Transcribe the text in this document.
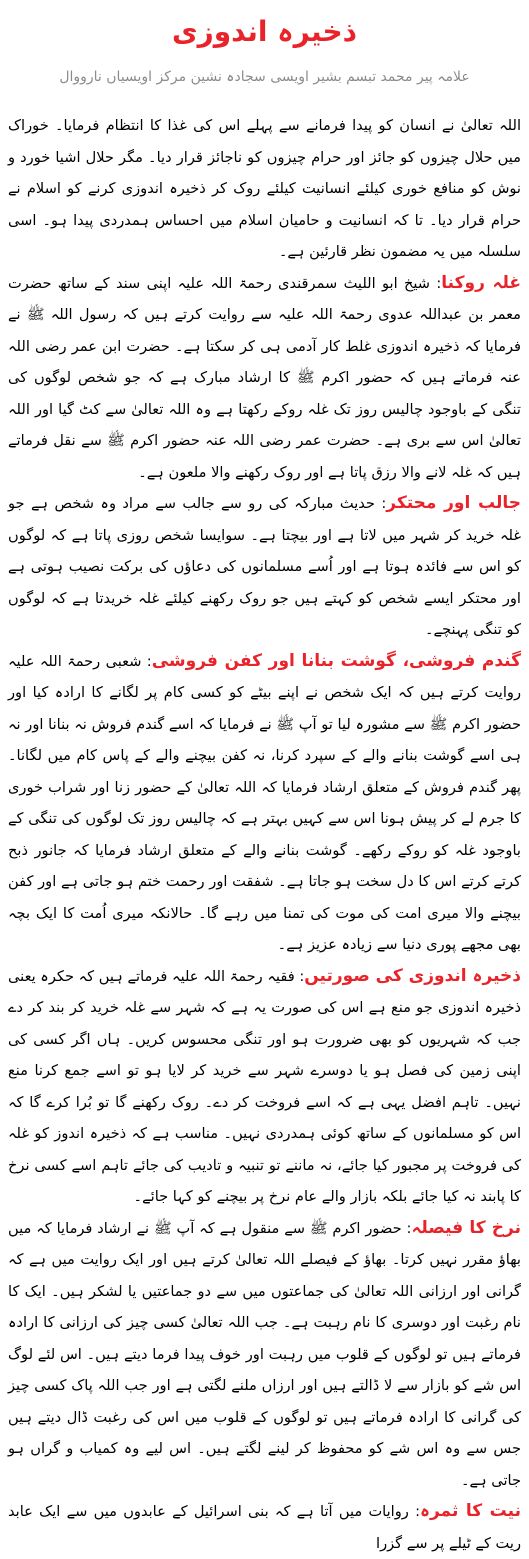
ذخیرہ اندوزی
علامہ پیر محمد تبسم بشیر اویسی سجادہ نشین مرکز اویسیاں نارووال

اللہ تعالیٰ نے انسان کو پیدا فرمانے سے پہلے اس کی غذا کا انتظام فرمایا۔ خوراک میں حلال چیزوں کو جائز اور حرام چیزوں کو ناجائز قرار دیا۔ مگر حلال اشیا خورد و نوش کو منافع خوری کیلئے انسانیت کیلئے روک کر ذخیرہ اندوزی کرنے کو اسلام نے حرام قرار دیا۔ تا کہ انسانیت و حامیان اسلام میں احساس ہمدردی پیدا ہو۔ اسی سلسلہ میں یہ مضمون نظر قارئین ہے۔

غلہ روکنا: شیخ ابو اللیث سمرقندی رحمۃ اللہ علیہ اپنی سند کے ساتھ حضرت معمر بن عبداللہ عدوی رحمۃ اللہ علیہ سے روایت کرتے ہیں کہ رسول اللہ ﷺ نے فرمایا کہ ذخیرہ اندوزی غلط کار آدمی ہی کر سکتا ہے۔ حضرت ابن عمر رضی اللہ عنہ فرماتے ہیں کہ حضور اکرم ﷺ کا ارشاد مبارک ہے کہ جو شخص لوگوں کی تنگی کے باوجود چالیس روز تک غلہ روکے رکھتا ہے وہ اللہ تعالیٰ سے کٹ گیا اور اللہ تعالیٰ اس سے بری ہے۔ حضرت عمر رضی اللہ عنہ حضور اکرم ﷺ سے نقل فرماتے ہیں کہ غلہ لانے والا رزق پاتا ہے اور روک رکھنے والا ملعون ہے۔

جالب اور محتکر: حدیث مبارکہ کی رو سے جالب سے مراد وہ شخص ہے جو غلہ خرید کر شہر میں لاتا ہے اور بیچتا ہے۔ سوایسا شخص روزی پاتا ہے کہ لوگوں کو اس سے فائدہ ہوتا ہے اور اُسے مسلمانوں کی دعاؤں کی برکت نصیب ہوتی ہے اور محتکر ایسے شخص کو کہتے ہیں جو روک رکھنے کیلئے غلہ خریدتا ہے کہ لوگوں کو تنگی پہنچے۔

گندم فروشی، گوشت بنانا اور کفن فروشی: شعبی رحمۃ اللہ علیہ روایت کرتے ہیں کہ ایک شخص نے اپنے بیٹے کو کسی کام پر لگانے کا ارادہ کیا اور حضور اکرم ﷺ سے مشورہ لیا تو آپ ﷺ نے فرمایا کہ اسے گندم فروش نہ بنانا اور نہ ہی اسے گوشت بنانے والے کے سپرد کرنا، نہ کفن بیچنے والے کے پاس کام میں لگانا۔ پھر گندم فروش کے متعلق ارشاد فرمایا کہ اللہ تعالیٰ کے حضور زنا اور شراب خوری کا جرم لے کر پیش ہونا اس سے کہیں بہتر ہے کہ چالیس روز تک لوگوں کی تنگی کے باوجود غلہ کو روکے رکھے۔ گوشت بنانے والے کے متعلق ارشاد فرمایا کہ جانور ذبح کرتے کرتے اس کا دل سخت ہو جاتا ہے۔ شفقت اور رحمت ختم ہو جاتی ہے اور کفن بیچنے والا میری امت کی موت کی تمنا میں رہے گا۔ حالانکہ میری اُمت کا ایک بچہ بھی مجھے پوری دنیا سے زیادہ عزیز ہے۔

ذخیرہ اندوزی کی صورتیں: فقیہ رحمۃ اللہ علیہ فرماتے ہیں کہ حکرہ یعنی ذخیرہ اندوزی جو منع ہے اس کی صورت یہ ہے کہ شہر سے غلہ خرید کر بند کر دے جب کہ شہریوں کو بھی ضرورت ہو اور تنگی محسوس کریں۔ ہاں اگر کسی کی اپنی زمین کی فصل ہو یا دوسرے شہر سے خرید کر لایا ہو تو اسے جمع کرنا منع نہیں۔ تاہم افضل یہی ہے کہ اسے فروخت کر دے۔ روک رکھنے گا تو بُرا کرے گا کہ اس کو مسلمانوں کے ساتھ کوئی ہمدردی نہیں۔ مناسب ہے کہ ذخیرہ اندوز کو غلہ کی فروخت پر مجبور کیا جائے، نہ ماننے تو تنبیہ و تادیب کی جائے تاہم اسے کسی نرخ کا پابند نہ کیا جائے بلکہ بازار والے عام نرخ پر بیچنے کو کہا جائے۔

نرخ کا فیصلہ: حضور اکرم ﷺ سے منقول ہے کہ آپ ﷺ نے ارشاد فرمایا کہ میں بھاؤ مقرر نہیں کرتا۔ بھاؤ کے فیصلے اللہ تعالیٰ کرتے ہیں اور ایک روایت میں ہے کہ گرانی اور ارزانی اللہ تعالیٰ کی جماعتوں میں سے دو جماعتیں یا لشکر ہیں۔ ایک کا نام رغبت اور دوسری کا نام رہبت ہے۔ جب اللہ تعالیٰ کسی چیز کی ارزانی کا ارادہ فرماتے ہیں تو لوگوں کے قلوب میں رہبت اور خوف پیدا فرما دیتے ہیں۔ اس لئے لوگ اس شے کو بازار سے لا ڈالتے ہیں اور ارزاں ملنے لگتی ہے اور جب اللہ پاک کسی چیز کی گرانی کا ارادہ فرماتے ہیں تو لوگوں کے قلوب میں اس کی رغبت ڈال دیتے ہیں جس سے وہ اس شے کو محفوظ کر لینے لگتے ہیں۔ اس لیے وہ کمیاب و گراں ہو جاتی ہے۔

نیت کا ثمرہ: روایات میں آتا ہے کہ بنی اسرائیل کے عابدوں میں سے ایک عابد ریت کے ٹیلے پر سے گزرا
